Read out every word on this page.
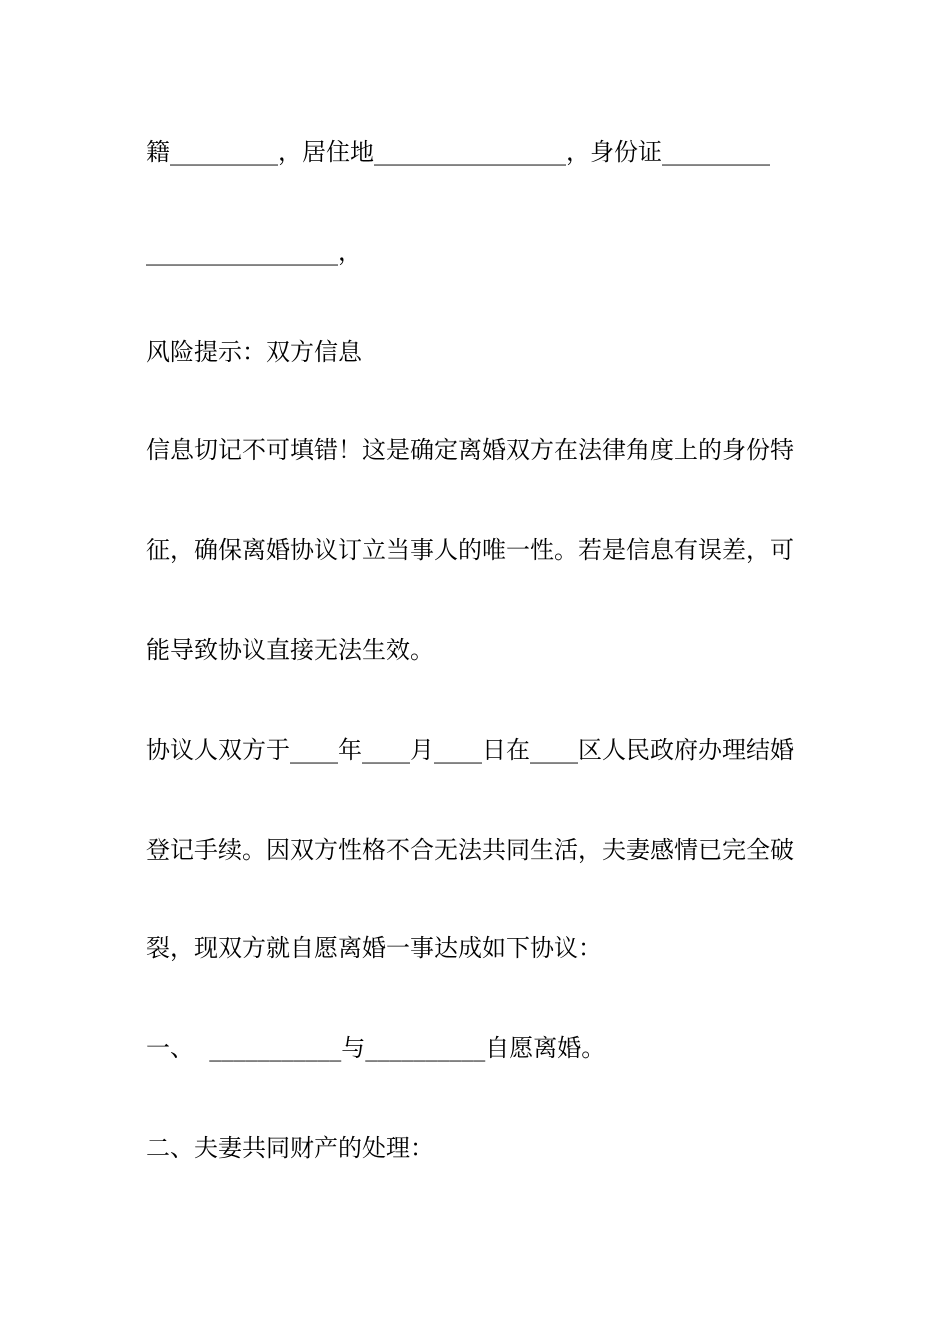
籍_________，居住地________________，身份证_________
________________，
风险提示：双方信息
信息切记不可填错！这是确定离婚双方在法律角度上的身份特
征，确保离婚协议订立当事人的唯一性。若是信息有误差，可
能导致协议直接无法生效。
协议人双方于____年____月____日在____区人民政府办理结婚
登记手续。因双方性格不合无法共同生活，夫妻感情已完全破
裂，现双方就自愿离婚一事达成如下协议：
一、  ___________与__________自愿离婚。
二、夫妻共同财产的处理：
